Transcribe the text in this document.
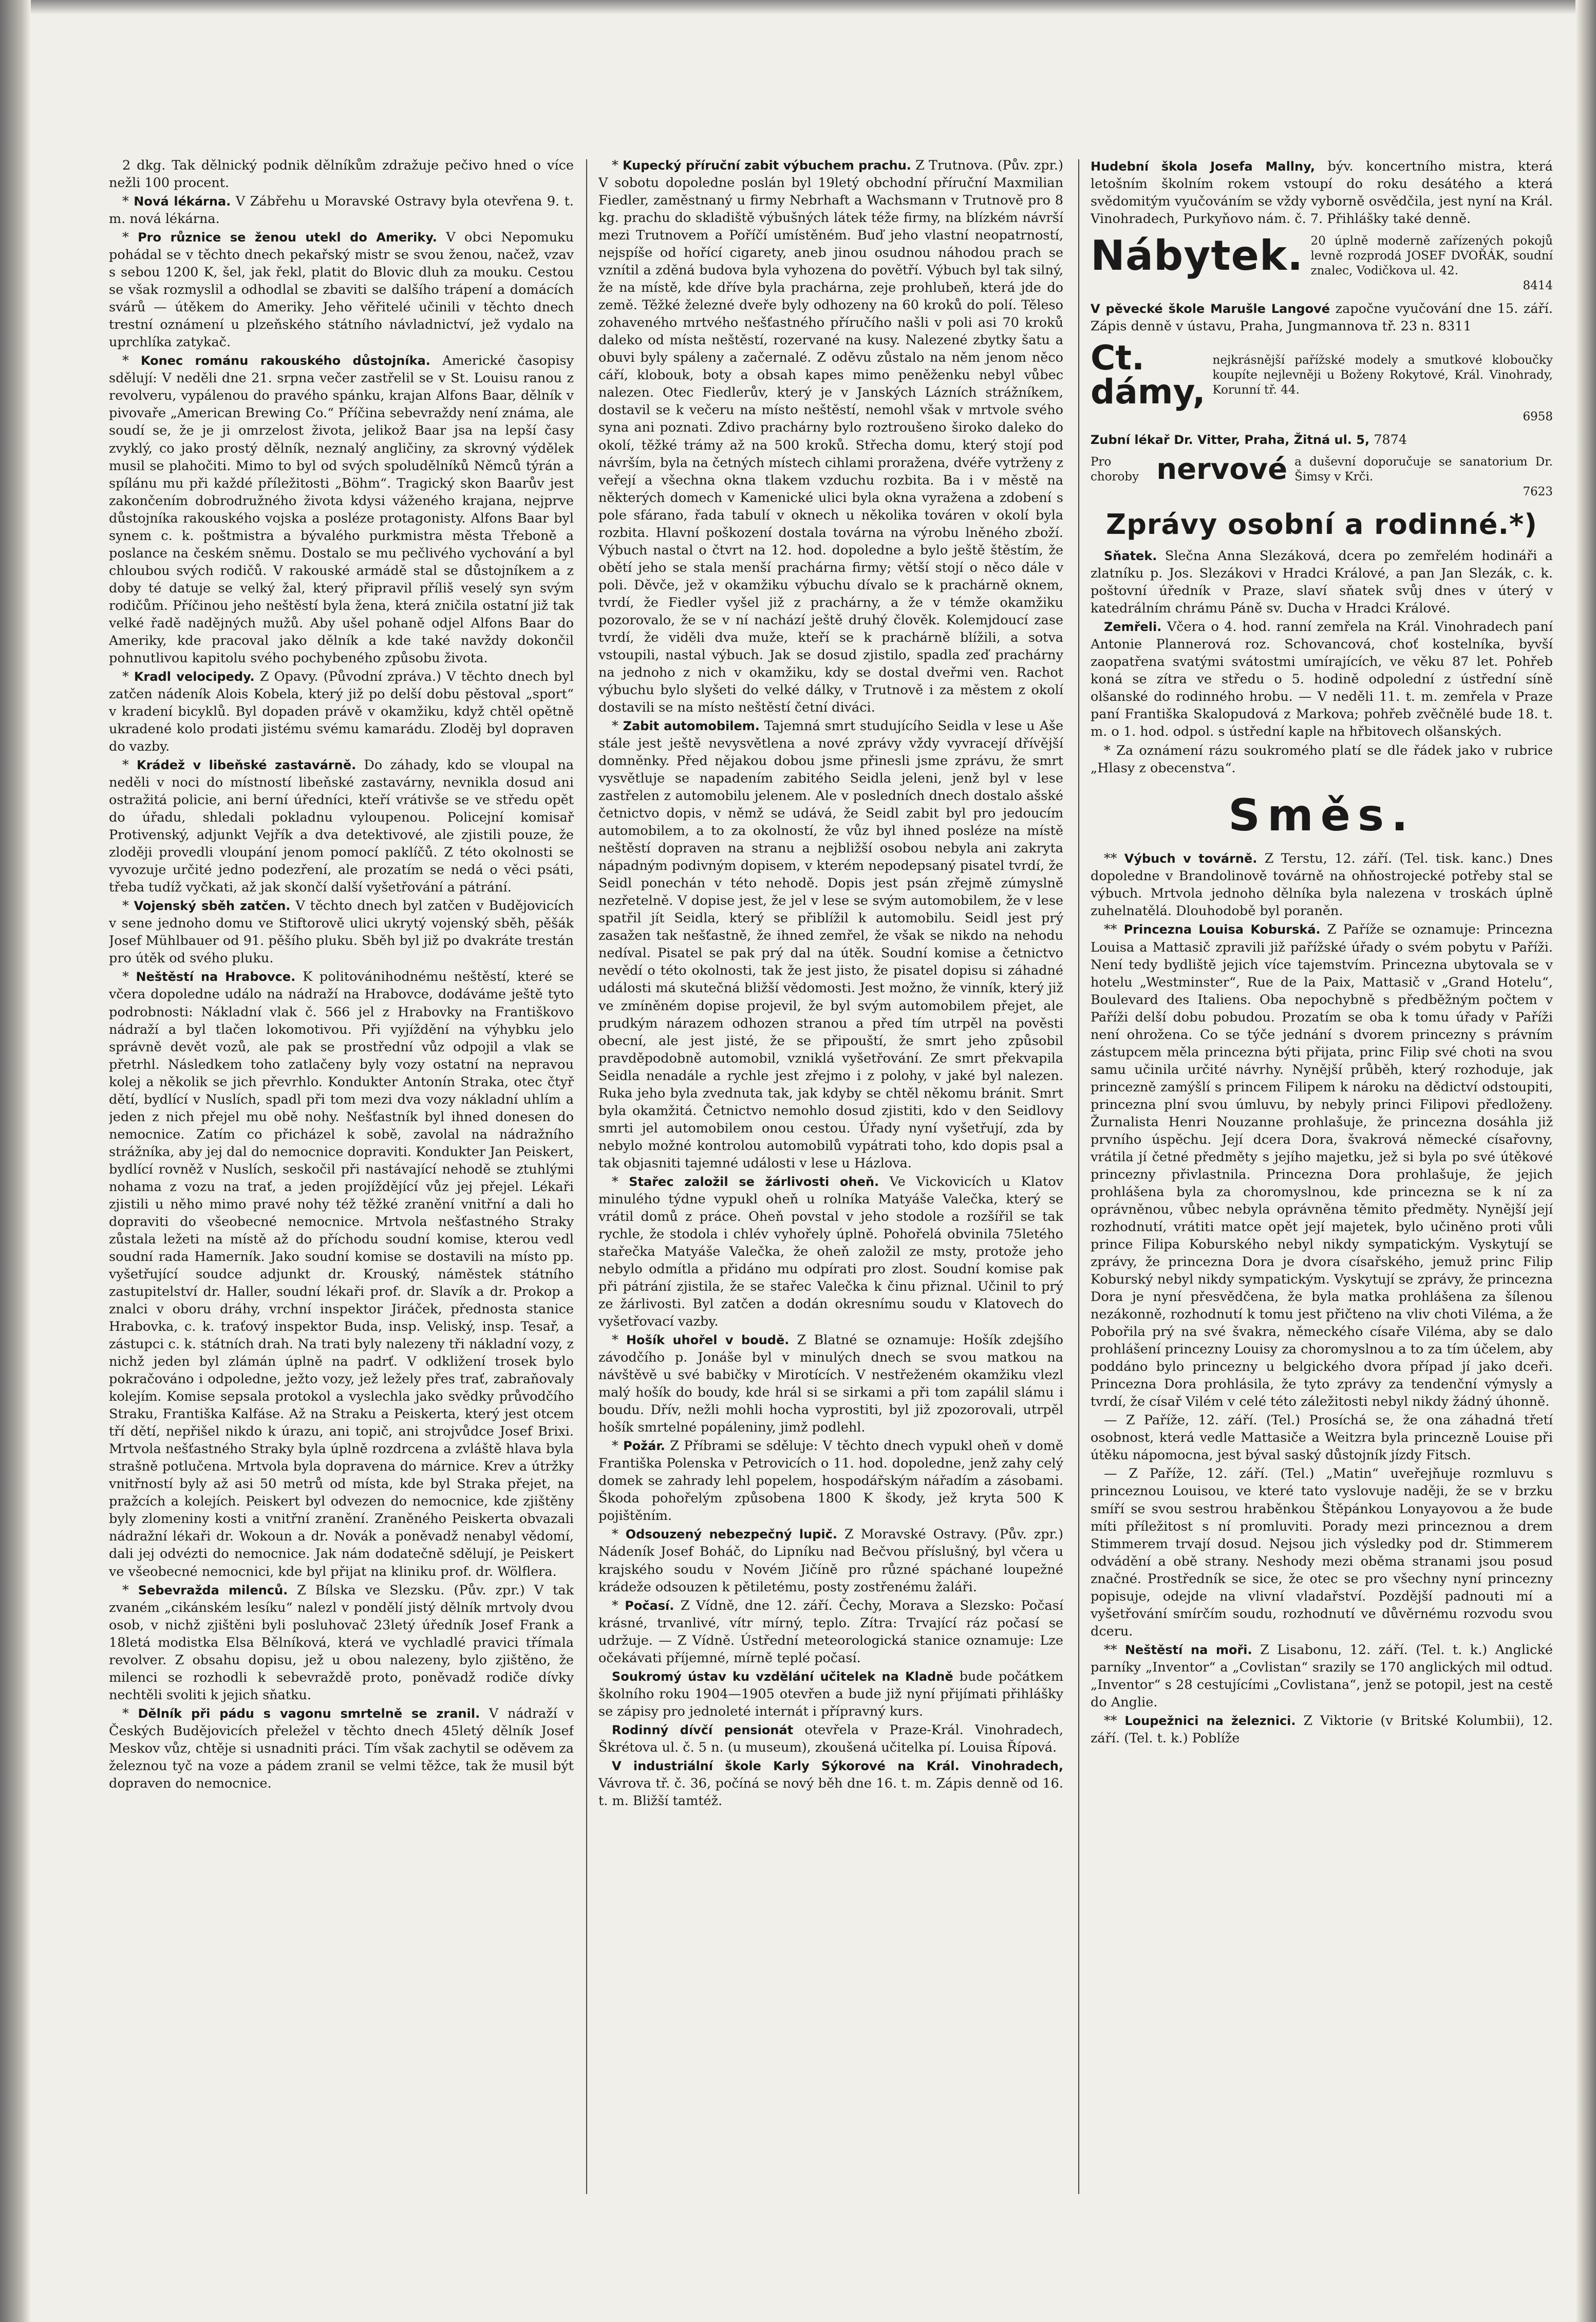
2 dkg. Tak dělnický podnik dělníkům zdražuje pečivo hned o více nežli 100 procent.

* Nová lékárna. V Zábřehu u Moravské Ostravy byla otevřena 9. t. m. nová lékárna.

* Pro různice se ženou utekl do Ameriky. V obci Nepomuku pohádal se v těchto dnech pekařský mistr se svou ženou, načež, vzav s sebou 1200 K, šel, jak řekl, platit do Blovic dluh za mouku. Cestou se však rozmyslil a odhodlal se zbaviti se dalšího trápení a domácích svárů — útěkem do Ameriky. Jeho věřitelé učinili v těchto dnech trestní oznámení u plzeňského státního návladnictví, jež vydalo na uprchlíka zatykač.

* Konec románu rakouského důstojníka. Americké časopisy sdělují: V neděli dne 21. srpna večer zastřelil se v St. Louisu ranou z revolveru, vypálenou do pravého spánku, krajan Alfons Baar, dělník v pivovaře „American Brewing Co.“ Příčina sebevraždy není známa, ale soudí se, že je ji omrzelost života, jelikož Baar jsa na lepší časy zvyklý, co jako prostý dělník, neznalý angličiny, za skrovný výdělek musil se plahočiti. Mimo to byl od svých spoludělníků Němců týrán a spílánu mu při každé příležitosti „Böhm“. Tragický skon Baarův jest zakončením dobrodružného života kdysi váženého krajana, nejprve důstojníka rakouského vojska a posléze protagonisty. Alfons Baar byl synem c. k. poštmistra a bývalého purkmistra města Třeboně a poslance na českém sněmu. Dostalo se mu pečlivého vychování a byl chloubou svých rodičů. V rakouské armádě stal se důstojníkem a z doby té datuje se velký žal, který připravil příliš veselý syn svým rodičům. Příčinou jeho neštěstí byla žena, která zničila ostatní již tak velké řadě nadějných mužů. Aby ušel pohaně odjel Alfons Baar do Ameriky, kde pracoval jako dělník a kde také navždy dokončil pohnutlivou kapitolu svého pochybeného způsobu života.

* Kradl velocipedy. Z Opavy. (Původní zpráva.) V těchto dnech byl zatčen nádeník Alois Kobela, který již po delší dobu pěstoval „sport“ v kradení bicyklů. Byl dopaden právě v okamžiku, když chtěl opětně ukradené kolo prodati jistému svému kamarádu. Zloděj byl dopraven do vazby.

* Krádež v libeňské zastavárně. Do záhady, kdo se vloupal na neděli v noci do místností libeňské zastavárny, nevnikla dosud ani ostražitá policie, ani berní úředníci, kteří vrátivše se ve středu opět do úřadu, shledali pokladnu vyloupenou. Policejní komisař Protivenský, adjunkt Vejřík a dva detektivové, ale zjistili pouze, že zloději provedli vloupání jenom pomocí paklíčů. Z této okolnosti se vyvozuje určité jedno podezření, ale prozatím se nedá o věci psáti, třeba tudíž vyčkati, až jak skončí další vyšetřování a pátrání.

* Vojenský sběh zatčen. V těchto dnech byl zatčen v Budějovicích v sene jednoho domu ve Stiftorově ulici ukrytý vojenský sběh, pěšák Josef Mühlbauer od 91. pěšího pluku. Sběh byl již po dvakráte trestán pro útěk od svého pluku.

* Neštěstí na Hrabovce. K politovánihodnému neštěstí, které se včera dopoledne událo na nádraží na Hrabovce, dodáváme ještě tyto podrobnosti: Nákladní vlak č. 566 jel z Hrabovky na Františkovo nádraží a byl tlačen lokomotivou. Při vyjíždění na výhybku jelo správně devět vozů, ale pak se prostřední vůz odpojil a vlak se přetrhl. Následkem toho zatlačeny byly vozy ostatní na nepravou kolej a několik se jich převrhlo. Kondukter Antonín Straka, otec čtyř dětí, bydlící v Nuslích, spadl při tom mezi dva vozy nákladní uhlím a jeden z nich přejel mu obě nohy. Nešťastník byl ihned donesen do nemocnice. Zatím co přicházel k sobě, zavolal na nádražního strážníka, aby jej dal do nemocnice dopraviti. Kondukter Jan Peiskert, bydlící rovněž v Nuslích, seskočil při nastávající nehodě se ztuhlými nohama z vozu na trať, a jeden projíždějící vůz jej přejel. Lékaři zjistili u něho mimo pravé nohy též těžké zranění vnitřní a dali ho dopraviti do všeobecné nemocnice. Mrtvola nešťastného Straky zůstala ležeti na místě až do příchodu soudní komise, kterou vedl soudní rada Hamerník. Jako soudní komise se dostavili na místo pp. vyšetřující soudce adjunkt dr. Krouský, náměstek státního zastupitelství dr. Haller, soudní lékaři prof. dr. Slavík a dr. Prokop a znalci v oboru dráhy, vrchní inspektor Jiráček, přednosta stanice Hrabovka, c. k. traťový inspektor Buda, insp. Veliský, insp. Tesař, a zástupci c. k. státních drah. Na trati byly nalezeny tři nákladní vozy, z nichž jeden byl zlámán úplně na padrť. V odkližení trosek bylo pokračováno i odpoledne, ježto vozy, jež ležely přes trať, zabraňovaly kolejím. Komise sepsala protokol a vyslechla jako svědky průvodčího Straku, Františka Kalfáse. Až na Straku a Peiskerta, který jest otcem tří dětí, nepřišel nikdo k úrazu, ani topič, ani strojvůdce Josef Brixi. Mrtvola nešťastného Straky byla úplně rozdrcena a zvláště hlava byla strašně potlučena. Mrtvola byla dopravena do márnice. Krev a útržky vnitřností byly až asi 50 metrů od místa, kde byl Straka přejet, na pražcích a kolejích. Peiskert byl odvezen do nemocnice, kde zjištěny byly zlomeniny kosti a vnitřní zranění. Zraněného Peiskerta obvazali nádražní lékaři dr. Wokoun a dr. Novák a poněvadž nenabyl vědomí, dali jej odvézti do nemocnice. Jak nám dodatečně sdělují, je Peiskert ve všeobecné nemocnici, kde byl přijat na kliniku prof. dr. Wölflera.

* Sebevražda milenců. Z Bílska ve Slezsku. (Pův. zpr.) V tak zvaném „cikánském lesíku“ nalezl v pondělí jistý dělník mrtvoly dvou osob, v nichž zjištěni byli posluhovač 23letý úředník Josef Frank a 18letá modistka Elsa Bělníková, která ve vychladlé pravici třímala revolver. Z obsahu dopisu, jež u obou nalezeny, bylo zjištěno, že milenci se rozhodli k sebevraždě proto, poněvadž rodiče dívky nechtěli svoliti k jejich sňatku.

* Dělník při pádu s vagonu smrtelně se zranil. V nádraží v Českých Budějovicích přeležel v těchto dnech 45letý dělník Josef Meskov vůz, chtěje si usnadniti práci. Tím však zachytil se oděvem za železnou tyč na voze a pádem zranil se velmi těžce, tak že musil být dopraven do nemocnice.

* Kupecký příruční zabit výbuchem prachu. Z Trutnova. (Pův. zpr.) V sobotu dopoledne poslán byl 19letý obchodní příruční Maxmilian Fiedler, zaměstnaný u firmy Nebrhaft a Wachsmann v Trutnově pro 8 kg. prachu do skladiště výbušných látek téže firmy, na blízkém návrší mezi Trutnovem a Poříčí umístěném. Buď jeho vlastní neopatrností, nejspíše od hořící cigarety, aneb jinou osudnou náhodou prach se vznítil a zděná budova byla vyhozena do povětří. Výbuch byl tak silný, že na místě, kde dříve byla prachárna, zeje prohlubeň, která jde do země. Těžké železné dveře byly odhozeny na 60 kroků do polí. Těleso zohaveného mrtvého nešťastného příručího našli v poli asi 70 kroků daleko od místa neštěstí, rozervané na kusy. Nalezené zbytky šatu a obuvi byly spáleny a začernalé. Z oděvu zůstalo na něm jenom něco cáří, klobouk, boty a obsah kapes mimo peněženku nebyl vůbec nalezen. Otec Fiedlerův, který je v Janských Lázních strážníkem, dostavil se k večeru na místo neštěstí, nemohl však v mrtvole svého syna ani poznati. Zdivo prachárny bylo roztroušeno široko daleko do okolí, těžké trámy až na 500 kroků. Střecha domu, který stojí pod návrším, byla na četných místech cihlami proražena, dvéře vytrženy z veřejí a všechna okna tlakem vzduchu rozbita. Ba i v městě na některých domech v Kamenické ulici byla okna vyražena a zdobení s pole sfárano, řada tabulí v oknech u několika továren v okolí byla rozbita. Hlavní poškození dostala továrna na výrobu lněného zboží. Výbuch nastal o čtvrt na 12. hod. dopoledne a bylo ještě štěstím, že obětí jeho se stala menší prachárna firmy; větší stojí o něco dále v poli. Děvče, jež v okamžiku výbuchu dívalo se k prachárně oknem, tvrdí, že Fiedler vyšel již z prachárny, a že v témže okamžiku pozorovalo, že se v ní nachází ještě druhý člověk. Kolemjdoucí zase tvrdí, že viděli dva muže, kteří se k prachárně blížili, a sotva vstoupili, nastal výbuch. Jak se dosud zjistilo, spadla zeď prachárny na jednoho z nich v okamžiku, kdy se dostal dveřmi ven. Rachot výbuchu bylo slyšeti do velké dálky, v Trutnově i za městem z okolí dostavili se na místo neštěstí četní diváci.

* Zabit automobilem. Tajemná smrt studujícího Seidla v lese u Aše stále jest ještě nevysvětlena a nové zprávy vždy vyvracejí dřívější domněnky. Před nějakou dobou jsme přinesli jsme zprávu, že smrt vysvětluje se napadením zabitého Seidla jeleni, jenž byl v lese zastřelen z automobilu jelenem. Ale v posledních dnech dostalo ašské četnictvo dopis, v němž se udává, že Seidl zabit byl pro jedoucím automobilem, a to za okolností, že vůz byl ihned posléze na místě neštěstí dopraven na stranu a nejbližší osobou nebyla ani zakryta nápadným podivným dopisem, v kterém nepodepsaný pisatel tvrdí, že Seidl ponechán v této nehodě. Dopis jest psán zřejmě zúmyslně nezřetelně. V dopise jest, že jel v lese se svým automobilem, že v lese spatřil jít Seidla, který se přiblížil k automobilu. Seidl jest prý zasažen tak nešťastně, že ihned zemřel, že však se nikdo na nehodu nedíval. Pisatel se pak prý dal na útěk. Soudní komise a četnictvo nevědí o této okolnosti, tak že jest jisto, že pisatel dopisu si záhadné události má skutečná bližší vědomosti. Jest možno, že vinník, který již ve zmíněném dopise projevil, že byl svým automobilem přejet, ale prudkým nárazem odhozen stranou a před tím utrpěl na pověsti obecní, ale jest jisté, že se připouští, že smrt jeho způsobil pravděpodobně automobil, vzniklá vyšetřování. Ze smrt překvapila Seidla nenadále a rychle jest zřejmo i z polohy, v jaké byl nalezen. Ruka jeho byla zvednuta tak, jak kdyby se chtěl někomu bránit. Smrt byla okamžitá. Četnictvo nemohlo dosud zjistiti, kdo v den Seidlovy smrti jel automobilem onou cestou. Úřady nyní vyšetřují, zda by nebylo možné kontrolou automobilů vypátrati toho, kdo dopis psal a tak objasniti tajemné události v lese u Házlova.

* Stařec založil se žárlivosti oheň. Ve Vickovicích u Klatov minulého týdne vypukl oheň u rolníka Matyáše Valečka, který se vrátil domů z práce. Oheň povstal v jeho stodole a rozšířil se tak rychle, že stodola i chlév vyhořely úplně. Pohořelá obvinila 75letého stařečka Matyáše Valečka, že oheň založil ze msty, protože jeho nebylo odmítla a přidáno mu odpírati pro zlost. Soudní komise pak při pátrání zjistila, že se stařec Valečka k činu přiznal. Učinil to prý ze žárlivosti. Byl zatčen a dodán okresnímu soudu v Klatovech do vyšetřovací vazby.

* Hošík uhořel v boudě. Z Blatné se oznamuje: Hošík zdejšího závodčího p. Jonáše byl v minulých dnech se svou matkou na návštěvě u své babičky v Mirotících. V nestřeženém okamžiku vlezl malý hošík do boudy, kde hrál si se sirkami a při tom zapálil slámu i boudu. Dřív, nežli mohli hocha vyprostiti, byl již zpozorovali, utrpěl hošík smrtelné popáleniny, jimž podlehl.

* Požár. Z Příbrami se sděluje: V těchto dnech vypukl oheň v domě Františka Polenska v Petrovicích o 11. hod. dopoledne, jenž zahy celý domek se zahrady lehl popelem, hospodářským nářadím a zásobami. Škoda pohořelým způsobena 1800 K škody, jež kryta 500 K pojištěním.

* Odsouzený nebezpečný lupič. Z Moravské Ostravy. (Pův. zpr.) Nádeník Josef Boháč, do Lipníku nad Bečvou příslušný, byl včera u krajského soudu v Novém Jičíně pro různé spáchané loupežné krádeže odsouzen k pětiletému, posty zostřenému žaláři.

* Počasí. Z Vídně, dne 12. září. Čechy, Morava a Slezsko: Počasí krásné, trvanlivé, vítr mírný, teplo. Zítra: Trvající ráz počasí se udržuje. — Z Vídně. Ústřední meteorologická stanice oznamuje: Lze očekávati příjemné, mírně teplé počasí.

Soukromý ústav ku vzdělání učitelek na Kladně bude počátkem školního roku 1904—1905 otevřen a bude již nyní přijímati přihlášky se zápisy pro jednoleté internát i přípravný kurs.

Rodinný dívčí pensionát otevřela v Praze-Král. Vinohradech, Škrétova ul. č. 5 n. (u museum), zkoušená učitelka pí. Louisa Řípová.

V industriální škole Karly Sýkorové na Král. Vinohradech, Vávrova tř. č. 36, počíná se nový běh dne 16. t. m. Zápis denně od 16. t. m. Bližší tamtéž.

Hudební škola Josefa Mallny, býv. koncertního mistra, která letošním školním rokem vstoupí do roku desátého a která svědomitým vyučováním se vždy vyborně osvědčila, jest nyní na Král. Vinohradech, Purkyňovo nám. č. 7. Přihlášky také denně.

Nábytek. 20 úplně moderně zařízených pokojů levně rozprodá JOSEF DVOŘÁK, soudní znalec, Vodičkova ul. 42.
8414

V pěvecké škole Marušle Langové započne vyučování dne 15. září. Zápis denně v ústavu, Praha, Jungmannova tř. 23 n. 8311

Ct. dámy,
nejkrásnější pařížské modely a smutkové kloboučky koupíte nejlevněji u Boženy Rokytové, Král. Vinohrady, Korunní tř. 44.
6958

Zubní lékař Dr. Vitter, Praha, Žitná ul. 5, 7874

Pro choroby nervové a duševní doporučuje se sanatorium Dr. Šimsy v Krči.
7623
Zprávy osobní a rodinné.*)

Sňatek. Slečna Anna Slezáková, dcera po zemřelém hodináři a zlatníku p. Jos. Slezákovi v Hradci Králové, a pan Jan Slezák, c. k. poštovní úředník v Praze, slaví sňatek svůj dnes v úterý v katedrálním chrámu Páně sv. Ducha v Hradci Králové.

Zemřeli. Včera o 4. hod. ranní zemřela na Král. Vinohradech paní Antonie Plannerová roz. Schovancová, choť kostelníka, byvší zaopatřena svatými svátostmi umírajících, ve věku 87 let. Pohřeb koná se zítra ve středu o 5. hodině odpolední z ústřední síně olšanské do rodinného hrobu. — V neděli 11. t. m. zemřela v Praze paní Františka Skalopudová z Markova; pohřeb zvěčnělé bude 18. t. m. o 1. hod. odpol. s ústřední kaple na hřbitovech olšanských.

* Za oznámení rázu soukromého platí se dle řádek jako v rubrice „Hlasy z obecenstva“.

Směs.

** Výbuch v továrně. Z Terstu, 12. září. (Tel. tisk. kanc.) Dnes dopoledne v Brandolinově továrně na ohňostrojecké potřeby stal se výbuch. Mrtvola jednoho dělníka byla nalezena v troskách úplně zuhelnatělá. Dlouhodobě byl poraněn.

** Princezna Louisa Koburská. Z Paříže se oznamuje: Princezna Louisa a Mattasič zpravili již pařížské úřady o svém pobytu v Paříži. Není tedy bydliště jejich více tajemstvím. Princezna ubytovala se v hotelu „Westminster“, Rue de la Paix, Mattasič v „Grand Hotelu“, Boulevard des Italiens. Oba nepochybně s předběžným počtem v Paříži delší dobu pobudou. Prozatím se oba k tomu úřady v Paříži není ohrožena. Co se týče jednání s dvorem princezny s právním zástupcem měla princezna býti přijata, princ Filip své choti na svou samu učinila určité návrhy. Nynější průběh, který rozhoduje, jak princezně zamýšlí s princem Filipem k nároku na dědictví odstoupiti, princezna plní svou úmluvu, by nebyly princi Filipovi předloženy. Žurnalista Henri Nouzanne prohlašuje, že princezna dosáhla již prvního úspěchu. Její dcera Dora, švakrová německé císařovny, vrátila jí četné předměty s jejího majetku, jež si byla po své útěkové princezny přivlastnila. Princezna Dora prohlašuje, že jejich prohlášena byla za choromyslnou, kde princezna se k ní za oprávněnou, vůbec nebyla oprávněna těmito předměty. Nynější její rozhodnutí, vrátiti matce opět její majetek, bylo učiněno proti vůli prince Filipa Koburského nebyl nikdy sympatickým. Vyskytují se zprávy, že princezna Dora je dvora císařského, jemuž princ Filip Koburský nebyl nikdy sympatickým. Vyskytují se zprávy, že princezna Dora je nyní přesvědčena, že byla matka prohlášena za šílenou nezákonně, rozhodnutí k tomu jest přičteno na vliv choti Viléma, a že Pobořila prý na své švakra, německého císaře Viléma, aby se dalo prohlášení princezny Louisy za choromyslnou a to za tím účelem, aby poddáno bylo princezny u belgického dvora případ jí jako dceři. Princezna Dora prohlásila, že tyto zprávy za tendenční výmysly a tvrdí, že císař Vilém v celé této záležitosti nebyl nikdy žádný úhonně.

— Z Paříže, 12. září. (Tel.) Prosíchá se, že ona záhadná třetí osobnost, která vedle Mattasiče a Weitzra byla princezně Louise při útěku nápomocna, jest býval saský důstojník jízdy Fitsch.

— Z Paříže, 12. září. (Tel.) „Matin“ uveřejňuje rozmluvu s princeznou Louisou, ve které tato vyslovuje naději, že se v brzku smíří se svou sestrou hraběnkou Štěpánkou Lonyayovou a že bude míti příležitost s ní promluviti. Porady mezi princeznou a drem Stimmerem trvají dosud. Nejsou jich výsledky pod dr. Stimmerem odvádění a obě strany. Neshody mezi oběma stranami jsou posud značné. Prostředník se sice, že otec se pro všechny nyní princezny popisuje, odejde na vlivní vladařství. Pozdější padnouti mí a vyšetřování smírčím soudu, rozhodnutí ve důvěrnému rozvodu svou dceru.

** Neštěstí na moři. Z Lisabonu, 12. září. (Tel. t. k.) Anglické parníky „Inventor“ a „Covlistan“ srazily se 170 anglických mil odtud. „Inventor“ s 28 cestujícími „Covlistana“, jenž se potopil, jest na cestě do Anglie.

** Loupežnici na železnici. Z Viktorie (v Britské Kolumbii), 12. září. (Tel. t. k.) Poblíže
